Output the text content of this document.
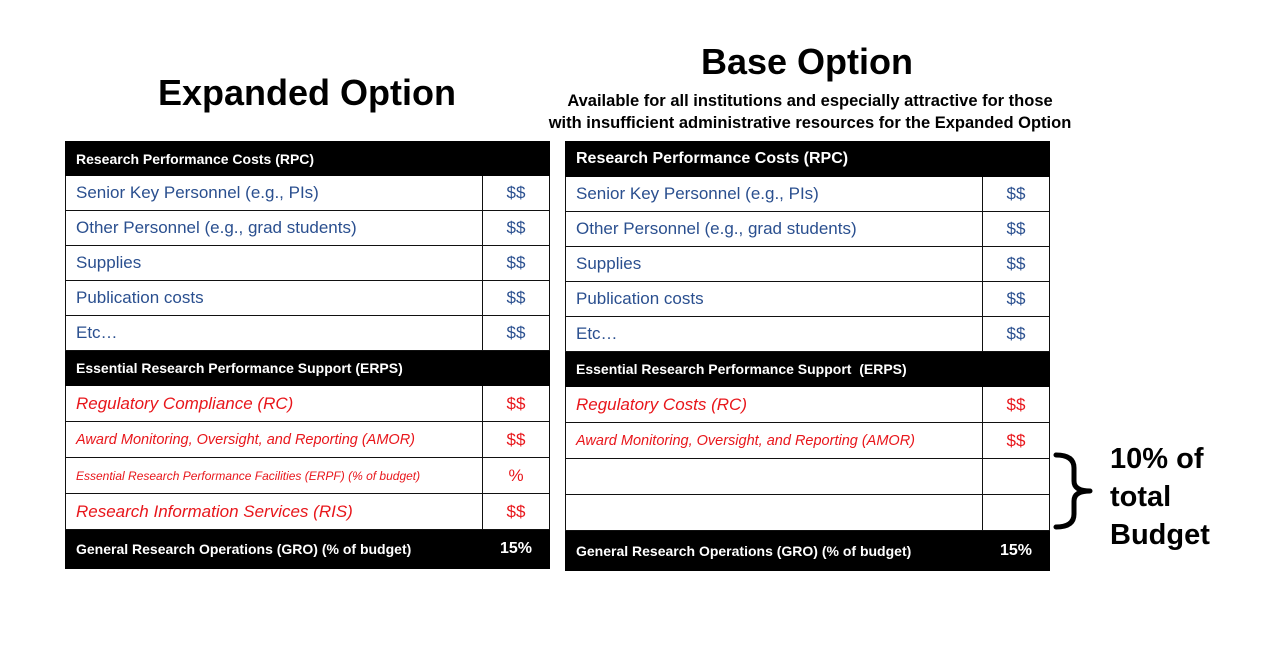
Expanded Option
Base Option
Available for all institutions and especially attractive for those
with insufficient administrative resources for the Expanded Option
Research Performance Costs (RPC)	
Senior Key Personnel (e.g., PIs)	$$
Other Personnel (e.g., grad students)	$$
Supplies	$$
Publication costs	$$
Etc…	$$
Essential Research Performance Support (ERPS)	
Regulatory Compliance (RC)	$$
Award Monitoring, Oversight, and Reporting (AMOR)	$$
Essential Research Performance Facilities (ERPF) (% of budget)	%
Research Information Services (RIS)	$$
General Research Operations (GRO) (% of budget)	15%
Research Performance Costs (RPC)	
Senior Key Personnel (e.g., PIs)	$$
Other Personnel (e.g., grad students)	$$
Supplies	$$
Publication costs	$$
Etc…	$$
Essential Research Performance Support  (ERPS)	
Regulatory Costs (RC)	$$
Award Monitoring, Oversight, and Reporting (AMOR)	$$

General Research Operations (GRO) (% of budget)	15%
10% of
total
Budget
